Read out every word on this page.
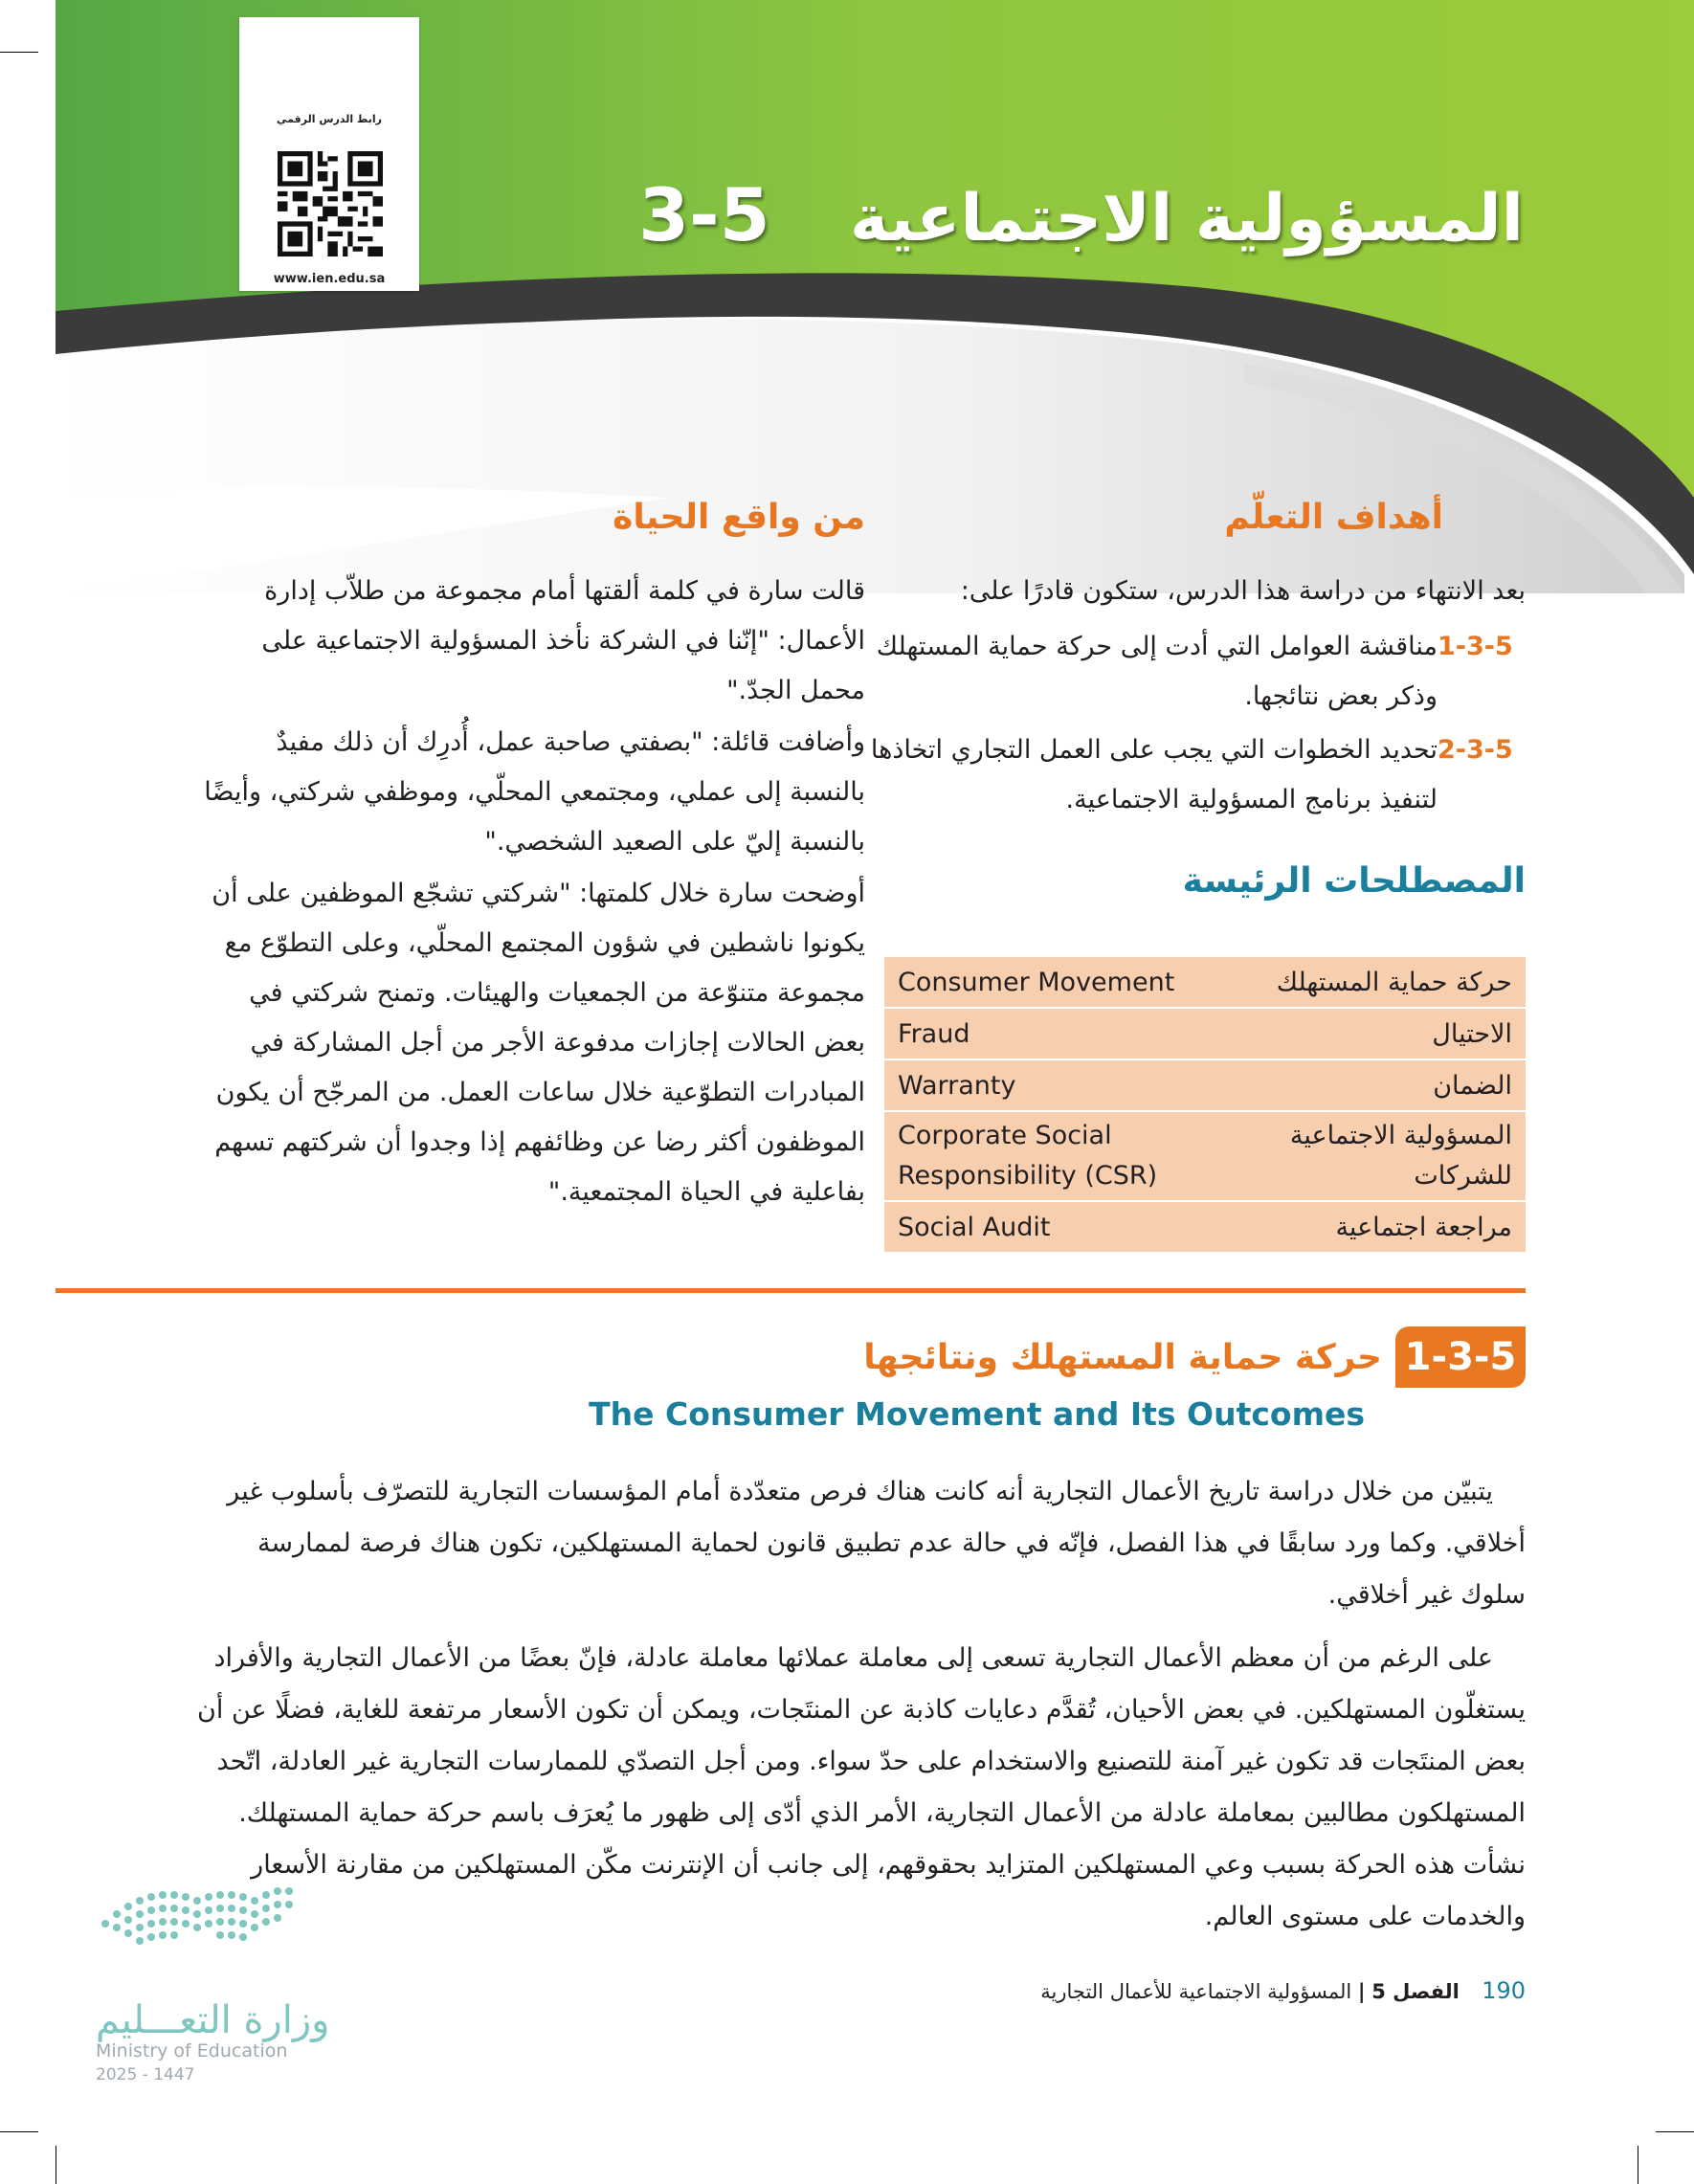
رابط الدرس الرقمي
www.ien.edu.sa
المسؤولية الاجتماعية  3-5
أهداف التعلّم
بعد الانتهاء من دراسة هذا الدرس، ستكون قادرًا على:
1-3-5
مناقشة العوامل التي أدت إلى حركة حماية المستهلك وذكر بعض نتائجها.
2-3-5
تحديد الخطوات التي يجب على العمل التجاري اتخاذها لتنفيذ برنامج المسؤولية الاجتماعية.
المصطلحات الرئيسة
Consumer Movement	حركة حماية المستهلك
Fraud	الاحتيال
Warranty	الضمان
Corporate Social Responsibility (CSR)	المسؤولية الاجتماعية للشركات
Social Audit	مراجعة اجتماعية
من واقع الحياة

قالت سارة في كلمة ألقتها أمام مجموعة من طلاّب إدارة الأعمال: "إنّنا في الشركة نأخذ المسؤولية الاجتماعية على محمل الجدّ."

وأضافت قائلة: "بصفتي صاحبة عمل، أُدرِك أن ذلك مفيدٌ بالنسبة إلى عملي، ومجتمعي المحلّي، وموظفي شركتي، وأيضًا بالنسبة إليّ على الصعيد الشخصي."

أوضحت سارة خلال كلمتها: "شركتي تشجّع الموظفين على أن يكونوا ناشطين في شؤون المجتمع المحلّي، وعلى التطوّع مع مجموعة متنوّعة من الجمعيات والهيئات. وتمنح شركتي في بعض الحالات إجازات مدفوعة الأجر من أجل المشاركة في المبادرات التطوّعية خلال ساعات العمل. من المرجّح أن يكون الموظفون أكثر رضا عن وظائفهم إذا وجدوا أن شركتهم تسهم بفاعلية في الحياة المجتمعية."

1-3-5
حركة حماية المستهلك ونتائجها
The Consumer Movement and Its Outcomes

يتبيّن من خلال دراسة تاريخ الأعمال التجارية أنه كانت هناك فرص متعدّدة أمام المؤسسات التجارية للتصرّف بأسلوب غير أخلاقي. وكما ورد سابقًا في هذا الفصل، فإنّه في حالة عدم تطبيق قانون لحماية المستهلكين، تكون هناك فرصة لممارسة سلوك غير أخلاقي.

على الرغم من أن معظم الأعمال التجارية تسعى إلى معاملة عملائها معاملة عادلة، فإنّ بعضًا من الأعمال التجارية والأفراد يستغلّون المستهلكين. في بعض الأحيان، تُقدَّم دعايات كاذبة عن المنتَجات، ويمكن أن تكون الأسعار مرتفعة للغاية، فضلًا عن أن بعض المنتَجات قد تكون غير آمنة للتصنيع والاستخدام على حدّ سواء. ومن أجل التصدّي للممارسات التجارية غير العادلة، اتّحد المستهلكون مطالبين بمعاملة عادلة من الأعمال التجارية، الأمر الذي أدّى إلى ظهور ما يُعرَف باسم حركة حماية المستهلك. نشأت هذه الحركة بسبب وعي المستهلكين المتزايد بحقوقهم، إلى جانب أن الإنترنت مكّن المستهلكين من مقارنة الأسعار والخدمات على مستوى العالم.

وزارة التعـــليم
Ministry of Education
2025 - 1447
190  الفصل 5 | المسؤولية الاجتماعية للأعمال التجارية
